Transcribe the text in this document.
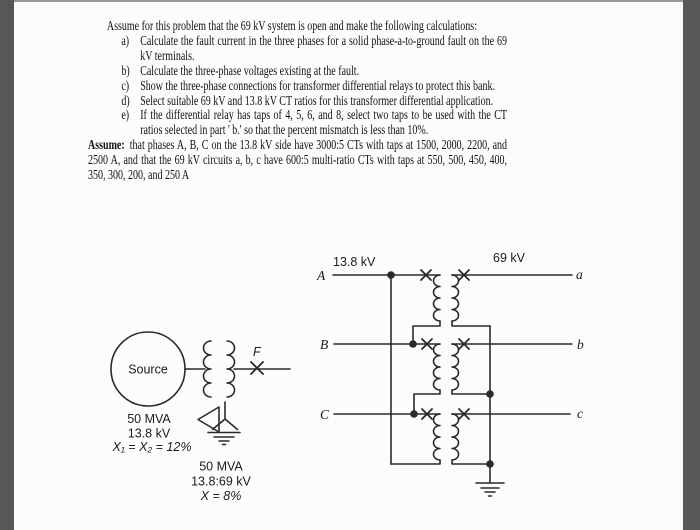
Assume for this problem that the 69 kV system is open and make the following calculations:

a) Calculate the fault current in the three phases for a solid phase-a-to-ground fault on the 69 kV terminals.
b) Calculate the three-phase voltages existing at the fault.
c) Show the three-phase connections for transformer differential relays to protect this bank.
d) Select suitable 69 kV and 13.8 kV CT ratios for this transformer differential application.
e) If the differential relay has taps of 4, 5, 6, and 8, select two taps to be used with the CT ratios selected in part ' b.' so that the percent mismatch is less than 10%.

Assume: that phases A, B, C on the 13.8 kV side have 3000:5 CTs with taps at 1500, 2000, 2200, and 2500 A, and that the 69 kV circuits a, b, c have 600:5 multi-ratio CTs with taps at 550, 500, 450, 400, 350, 300, 200, and 250 A

13.8 kV	69 kV
A
B
C
a
b
c
Source
F
50 MVA
13.8 kV
X₁ = X₂ = 12%
50 MVA
13.8:69 kV
X = 8%
